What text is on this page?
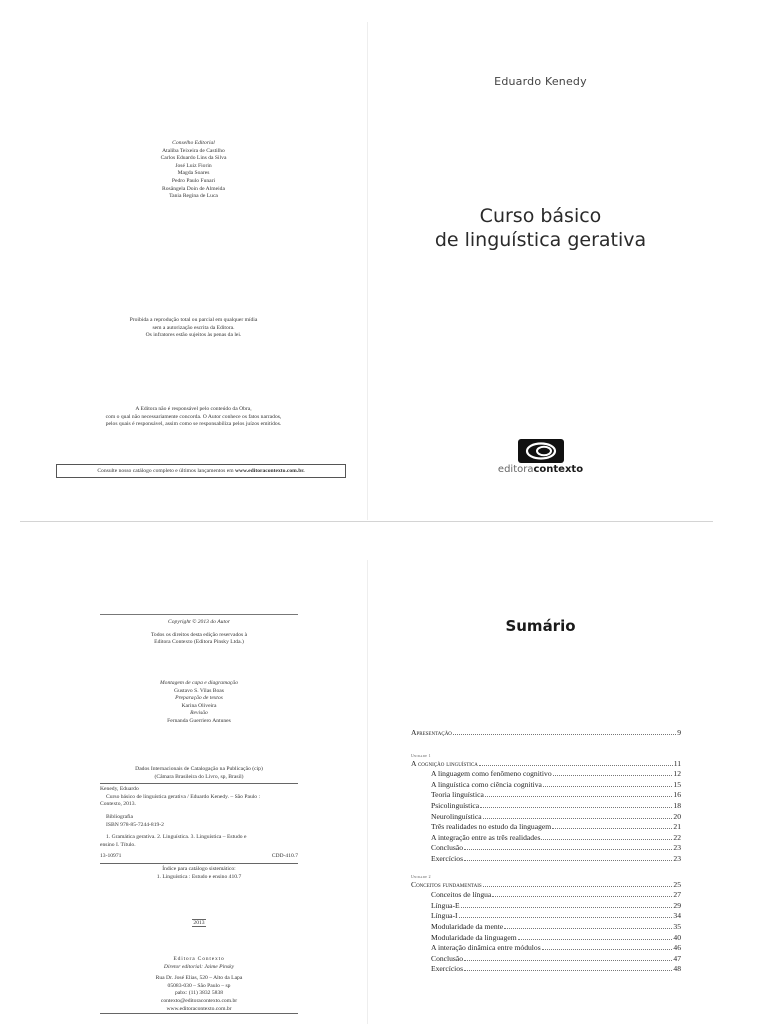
Conselho Editorial
Ataliba Teixeira de Castilho
Carlos Eduardo Lins da Silva
José Luiz Fiorin
Magda Soares
Pedro Paulo Funari
Rosângela Doin de Almeida
Tania Regina de Luca
Proibida a reprodução total ou parcial em qualquer mídia
sem a autorização escrita da Editora.
Os infratores estão sujeitos às penas da lei.
A Editora não é responsável pelo conteúdo da Obra,
com o qual não necessariamente concorda. O Autor conhece os fatos narrados,
pelos quais é responsável, assim como se responsabiliza pelos juízos emitidos.
Consulte nosso catálogo completo e últimos lançamentos em www.editoracontexto.com.br.
Eduardo Kenedy
Curso básico
de linguística gerativa
editoracontexto
Copyright © 2013 do Autor
Todos os direitos desta edição reservados à
Editora Contexto (Editora Pinsky Ltda.)
Montagem de capa e diagramação
Gustavo S. Vilas Boas
Preparação de textos
Karina Oliveira
Revisão
Fernanda Guerriero Antunes
Dados Internacionais de Catalogação na Publicação (cip)
(Câmara Brasileira do Livro, sp, Brasil)
Kenedy, Eduardo
Curso básico de linguística gerativa / Eduardo Kenedy. – São Paulo :
Contexto, 2013.
Bibliografia
ISBN 978-85-7244-819-2
1. Gramática gerativa. 2. Linguística. 3. Linguística – Estudo e
ensino I. Título.
13-10971	CDD-410.7
Índice para catálogo sistemático:
1. Linguística : Estudo e ensino 410.7
2013
Editora Contexto
Diretor editorial: Jaime Pinsky
Rua Dr. José Elias, 520 – Alto da Lapa
05083-030 – São Paulo – sp
pabx: (11) 3832 5838
contexto@editoracontexto.com.br
www.editoracontexto.com.br
Sumário
Apresentação	9
Unidade 1
A cognição linguística	11
A linguagem como fenômeno cognitivo	12
A linguística como ciência cognitiva	15
Teoria linguística	16
Psicolinguística	18
Neurolinguística	20
Três realidades no estudo da linguagem	21
A integração entre as três realidades	22
Conclusão	23
Exercícios	23
Unidade 2
Conceitos fundamentais	25
Conceitos de língua	27
Língua-E	29
Língua-I	34
Modularidade da mente	35
Modularidade da linguagem	40
A interação dinâmica entre módulos	46
Conclusão	47
Exercícios	48
